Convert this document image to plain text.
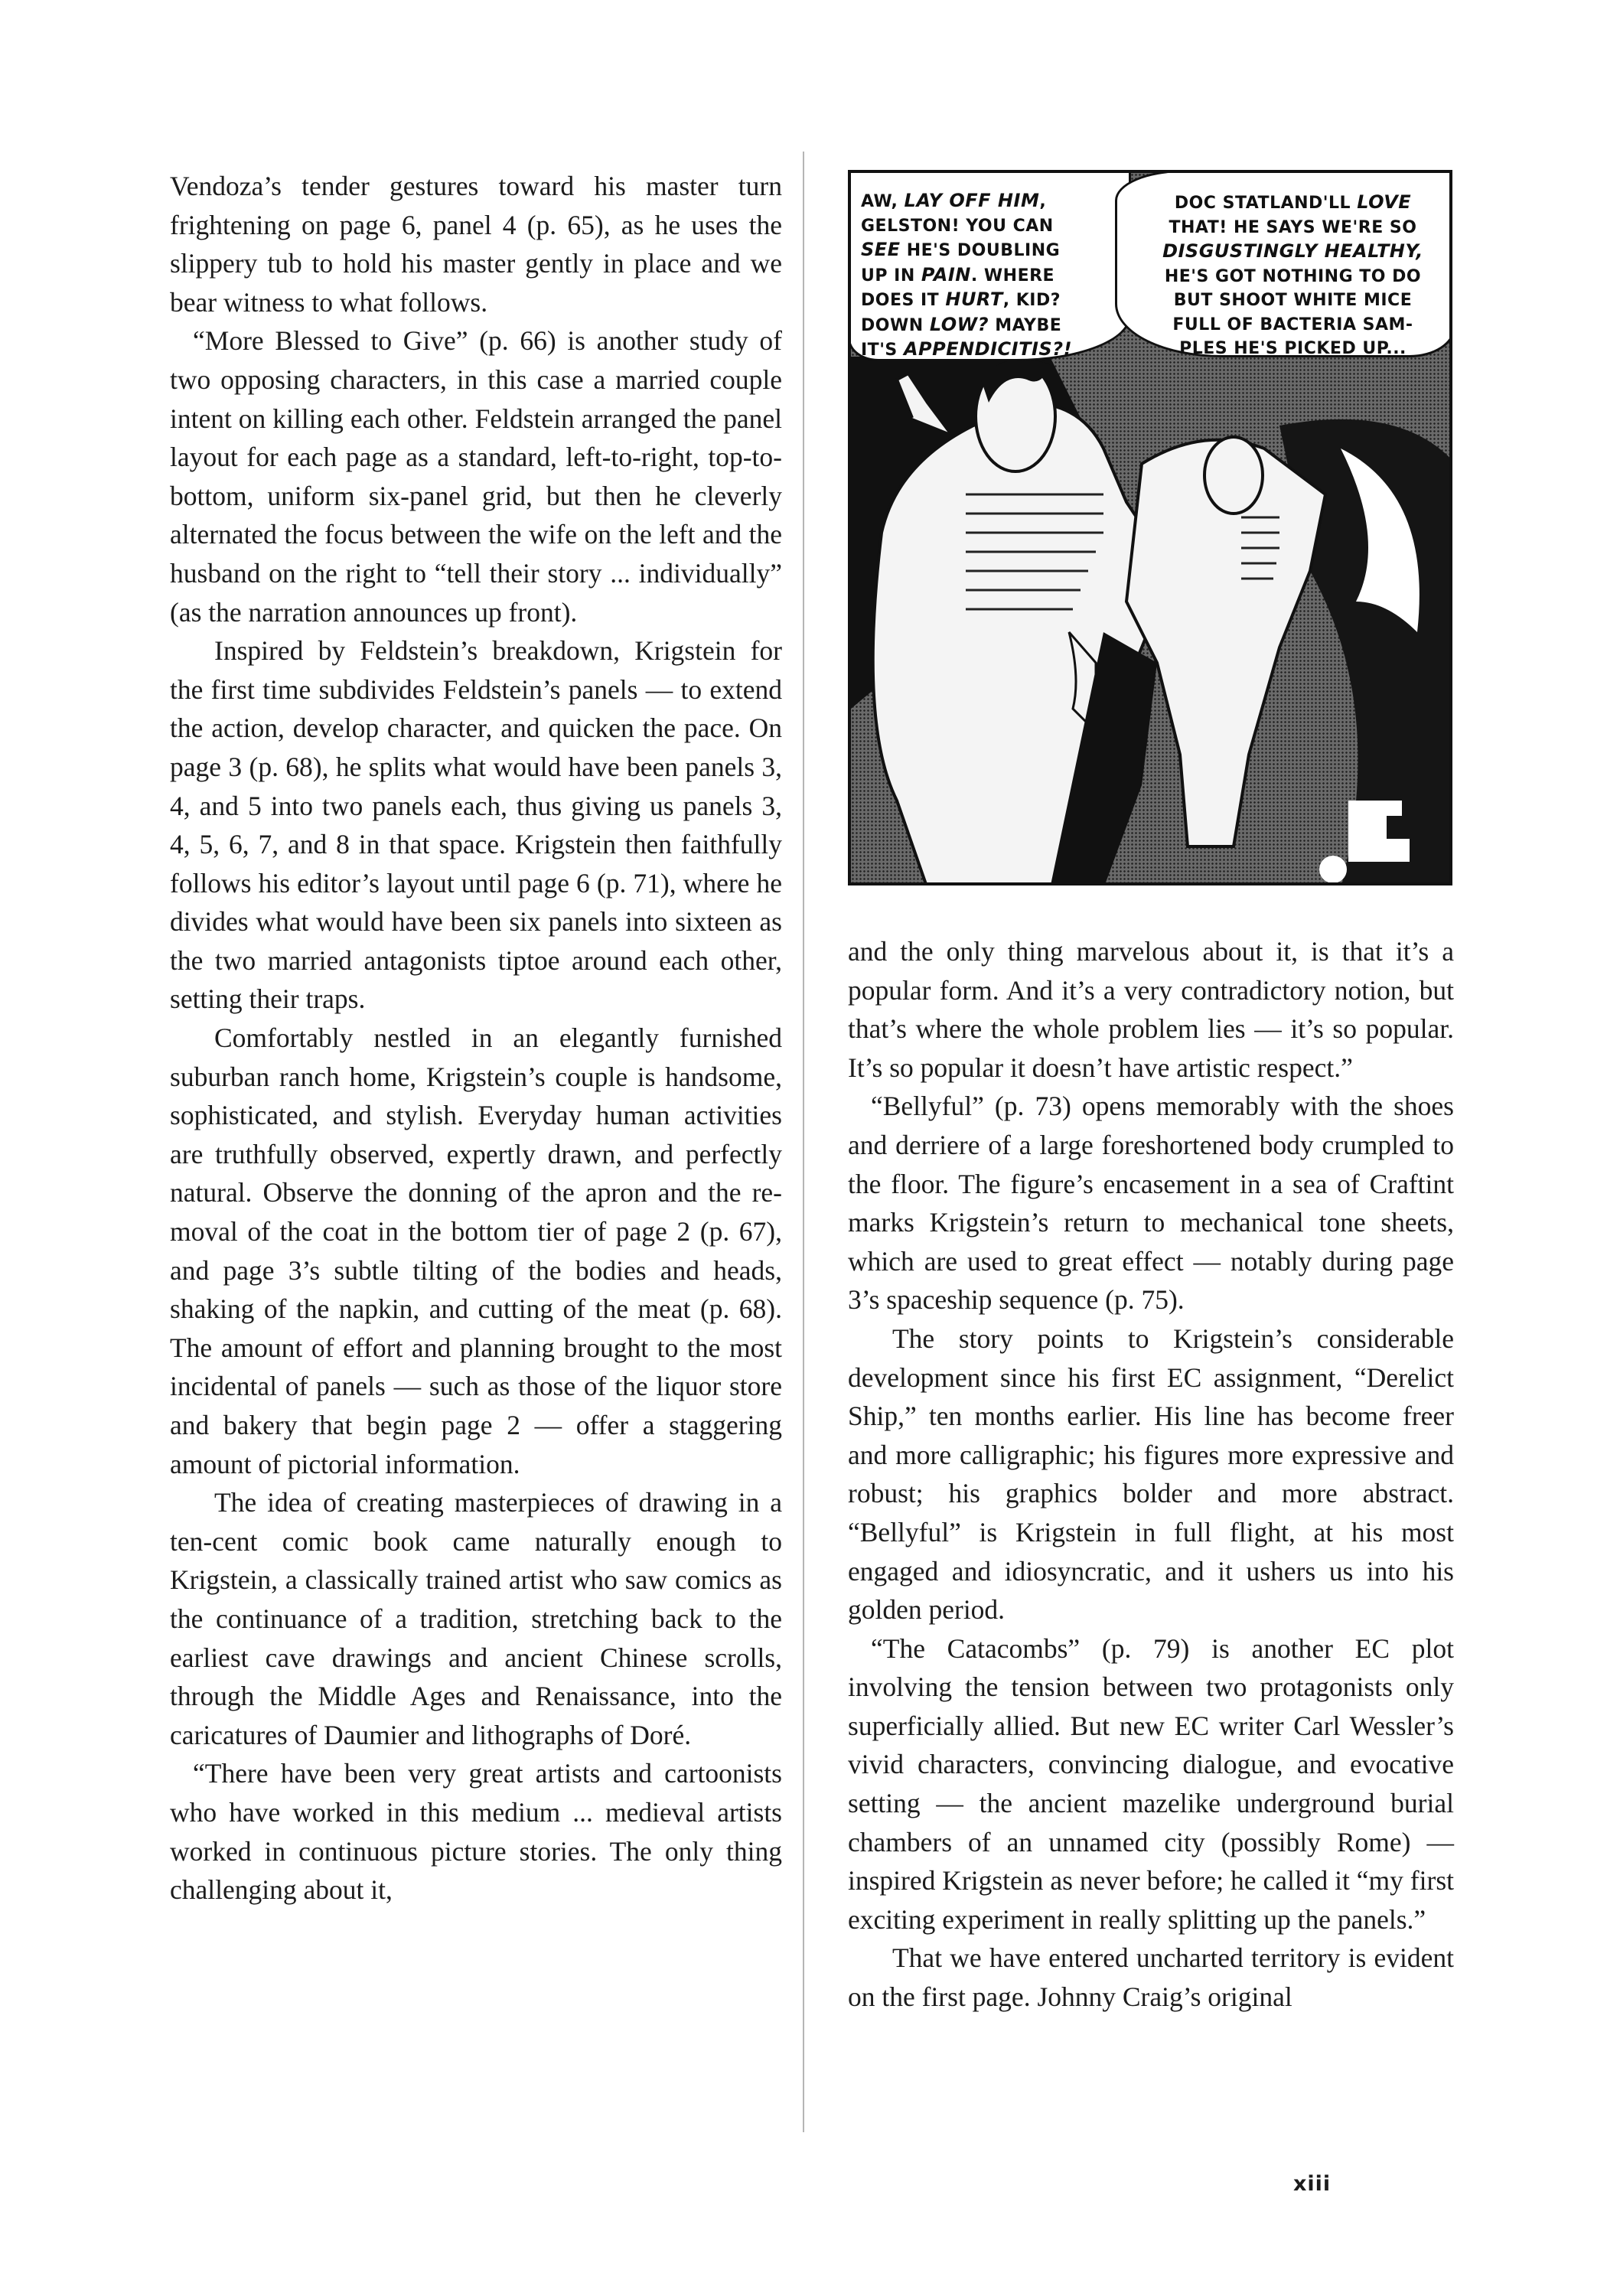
Vendoza’s tender gestures toward his master turn frightening on page 6, panel 4 (p. 65), as he uses the slippery tub to hold his master gently in place and we bear witness to what follows.

“More Blessed to Give” (p. 66) is another study of two opposing characters, in this case a married couple intent on killing each other. Feldstein arranged the panel layout for each page as a standard, left-to-right, top-to-bottom, uniform six-panel grid, but then he cleverly alternated the focus between the wife on the left and the husband on the right to “tell their story ... individually” (as the narration announces up front).

Inspired by Feldstein’s breakdown, Krigstein for the first time subdivides Feldstein’s panels — to extend the action, develop character, and quicken the pace. On page 3 (p. 68), he splits what would have been panels 3, 4, and 5 into two panels each, thus giving us panels 3, 4, 5, 6, 7, and 8 in that space. Krigstein then faithfully follows his editor’s layout until page 6 (p. 71), where he divides what would have been six panels into sixteen as the two married antagonists tiptoe around each other, setting their traps.

Comfortably nestled in an elegantly furnished suburban ranch home, Krigstein’s couple is handsome, sophisticated, and stylish. Everyday human activities are truthfully observed, expertly drawn, and perfectly natural. Observe the donning of the apron and the removal of the coat in the bottom tier of page 2 (p. 67), and page 3’s subtle tilting of the bodies and heads, shaking of the napkin, and cutting of the meat (p. 68). The amount of effort and planning brought to the most incidental of panels — such as those of the liquor store and bakery that begin page 2 — offer a staggering amount of pictorial information.

The idea of creating masterpieces of drawing in a ten-cent comic book came naturally enough to Krigstein, a classically trained artist who saw comics as the continuance of a tradition, stretching back to the earliest cave drawings and ancient Chinese scrolls, through the Middle Ages and Renaissance, into the caricatures of Daumier and lithographs of Doré.

“There have been very great artists and cartoonists who have worked in this medium ... medieval artists worked in continuous picture stories. The only thing challenging about it,

AW, LAY OFF HIM,
GELSTON! YOU CAN
SEE HE'S DOUBLING
UP IN PAIN. WHERE
DOES IT HURT, KID?
DOWN LOW? MAYBE
IT'S APPENDICITIS?!
DOC STATLAND'LL LOVE
THAT! HE SAYS WE'RE SO
DISGUSTINGLY HEALTHY,
HE'S GOT NOTHING TO DO
BUT SHOOT WHITE MICE
FULL OF BACTERIA SAM-
PLES HE'S PICKED UP...

and the only thing marvelous about it, is that it’s a popular form. And it’s a very contradictory notion, but that’s where the whole problem lies — it’s so popular. It’s so popular it doesn’t have artistic respect.”

“Bellyful” (p. 73) opens memorably with the shoes and derriere of a large foreshortened body crumpled to the floor. The figure’s encasement in a sea of Craftint marks Krigstein’s return to mechanical tone sheets, which are used to great effect — notably during page 3’s spaceship sequence (p. 75).

The story points to Krigstein’s considerable development since his first EC assignment, “Derelict Ship,” ten months earlier. His line has become freer and more calligraphic; his figures more expressive and robust; his graphics bolder and more abstract. “Bellyful” is Krigstein in full flight, at his most engaged and idiosyncratic, and it ushers us into his golden period.

“The Catacombs” (p. 79) is another EC plot involving the tension between two protagonists only superficially allied. But new EC writer Carl Wessler’s vivid characters, convincing dialogue, and evocative setting — the ancient mazelike underground burial chambers of an unnamed city (possibly Rome) — inspired Krigstein as never before; he called it “my first exciting experiment in really splitting up the panels.”

That we have entered uncharted territory is evident on the first page. Johnny Craig’s original

xiii
